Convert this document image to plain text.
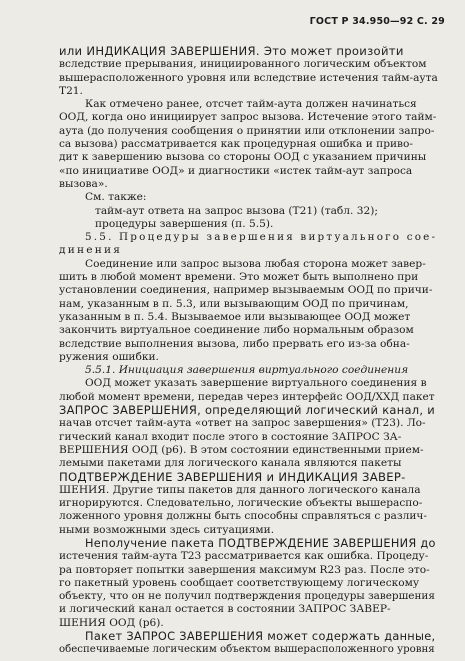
ГОСТ Р 34.950—92 С. 29
или ИНДИКАЦИЯ ЗАВЕРШЕНИЯ. Это может произойти
вследствие прерывания, инициированного логическим объектом
вышерасположенного уровня или вследствие истечения тайм-аута
Т21.
Как отмечено ранее, отсчет тайм-аута должен начинаться
ООД, когда оно инициирует запрос вызова. Истечение этого тайм-
аута (до получения сообщения о принятии или отклонении запро-
са вызова) рассматривается как процедурная ошибка и приво-
дит к завершению вызова со стороны ООД с указанием причины
«по инициативе ООД» и диагностики «истек тайм-аут запроса
вызова».
См. также:
тайм-аут ответа на запрос вызова (Т21) (табл. 32);
процедуры завершения (п. 5.5).
5.5. Процедуры завершения виртуального сое-
динения
Соединение или запрос вызова любая сторона может завер-
шить в любой момент времени. Это может быть выполнено при
установлении соединения, например вызываемым ООД по причи-
нам, указанным в п. 5.3, или вызывающим ООД по причинам,
указанным в п. 5.4. Вызываемое или вызывающее ООД может
закончить виртуальное соединение либо нормальным образом
вследствие выполнения вызова, либо прервать его из-за обна-
ружения ошибки.
5.5.1. Инициация завершения виртуального соединения
ООД может указать завершение виртуального соединения в
любой момент времени, передав через интерфейс ООД/ХХД пакет
ЗАПРОС ЗАВЕРШЕНИЯ, определяющий логический канал, и
начав отсчет тайм-аута «ответ на запрос завершения» (Т23). Ло-
гический канал входит после этого в состояние ЗАПРОС ЗА-
ВЕРШЕНИЯ ООД (р6). В этом состоянии единственными прием-
лемыми пакетами для логического канала являются пакеты
ПОДТВЕРЖДЕНИЕ ЗАВЕРШЕНИЯ и ИНДИКАЦИЯ ЗАВЕР-
ШЕНИЯ. Другие типы пакетов для данного логического канала
игнорируются. Следовательно, логические объекты вышераспо-
ложенного уровня должны быть способны справляться с различ-
ными возможными здесь ситуациями.
Неполучение пакета ПОДТВЕРЖДЕНИЕ ЗАВЕРШЕНИЯ до
истечения тайм-аута Т23 рассматривается как ошибка. Процеду-
ра повторяет попытки завершения максимум R23 раз. После это-
го пакетный уровень сообщает соответствующему логическому
объекту, что он не получил подтверждения процедуры завершения
и логический канал остается в состоянии ЗАПРОС ЗАВЕР-
ШЕНИЯ ООД (р6).
Пакет ЗАПРОС ЗАВЕРШЕНИЯ может содержать данные,
обеспечиваемые логическим объектом вышерасположенного уровня
